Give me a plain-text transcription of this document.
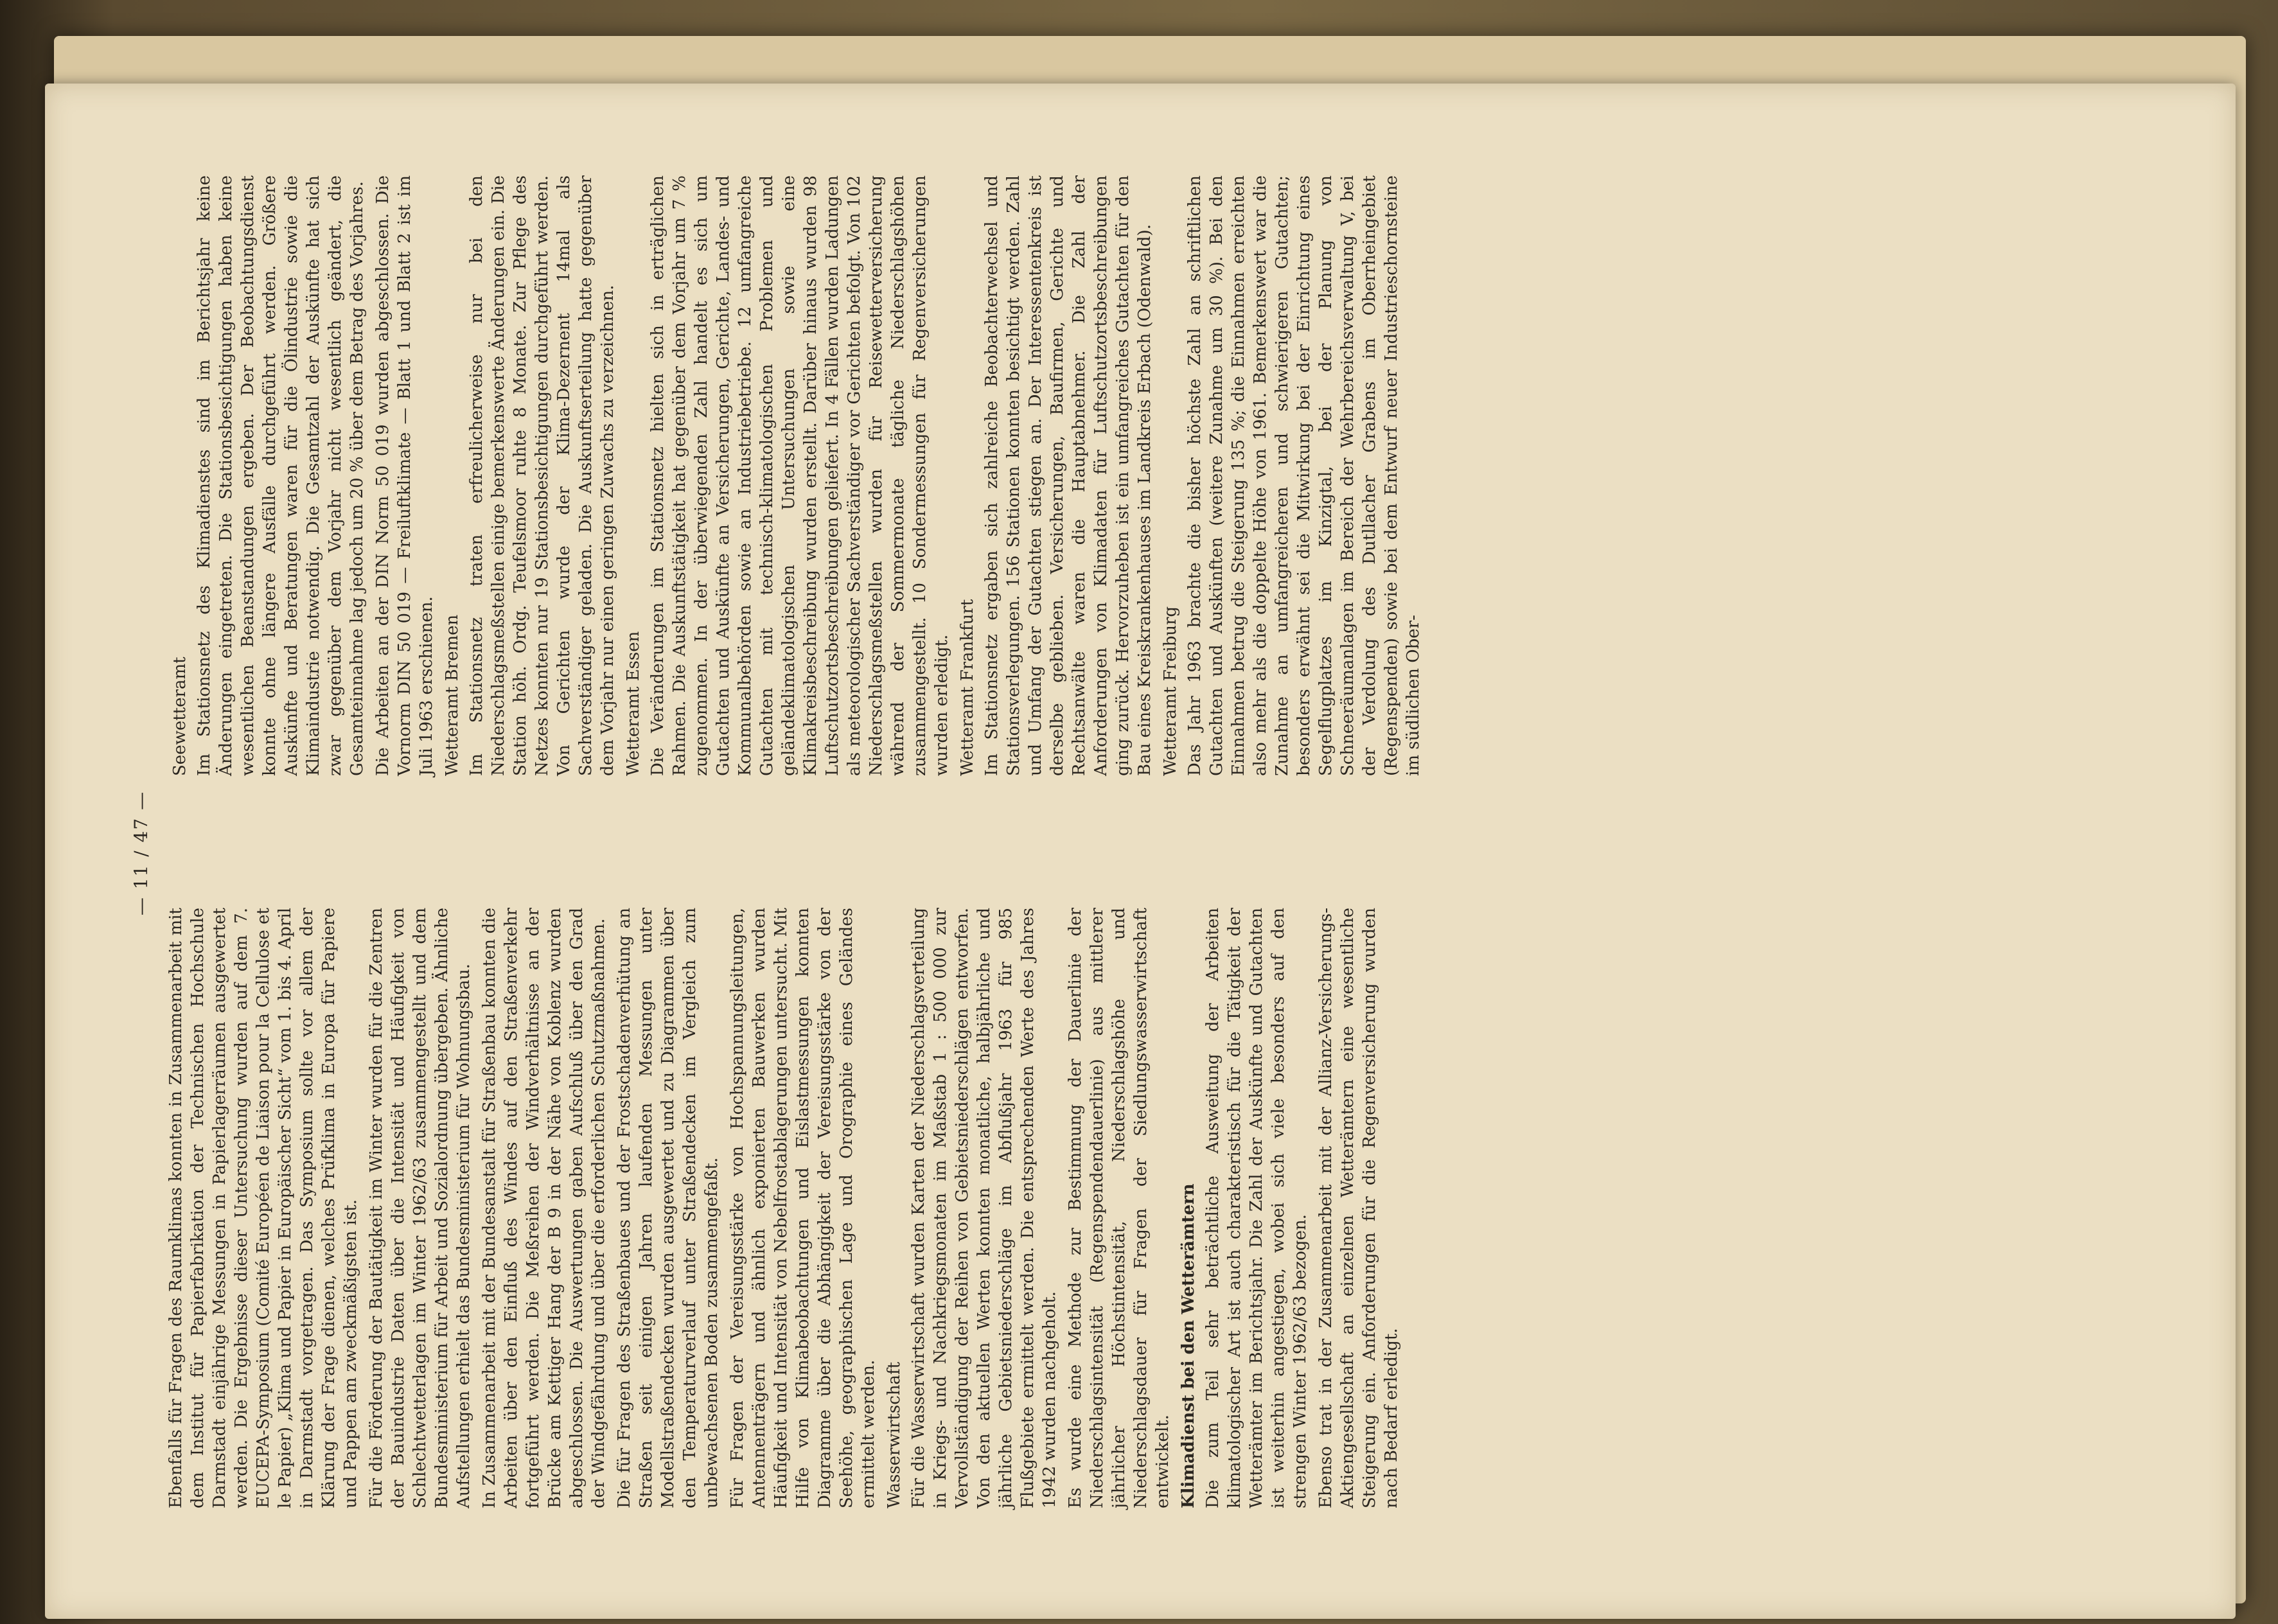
— 11 / 47 —

Ebenfalls für Fragen des Raumklimas konnten in Zusammenarbeit mit dem Institut für Papierfabrikation der Technischen Hochschule Darmstadt einjährige Messungen in Papierlagerräumen ausgewertet werden. Die Ergebnisse dieser Untersuchung wurden auf dem 7. EUCEPA-Symposium (Comité Européen de Liaison pour la Cellulose et le Papier) „Klima und Papier in Europäischer Sicht“ vom 1. bis 4. April in Darmstadt vorgetragen. Das Symposium sollte vor allem der Klärung der Frage dienen, welches Prüfklima in Europa für Papiere und Pappen am zweckmäßigsten ist. Für die Förderung der Bautätigkeit im Winter wurden für die Zentren der Bauindustrie Daten über die Intensität und Häufigkeit von Schlechtwetterlagen im Winter 1962/63 zusammengestellt und dem Bundesministerium für Arbeit und Sozialordnung übergeben. Ähnliche Aufstellungen erhielt das Bundesministerium für Wohnungsbau. In Zusammenarbeit mit der Bundesanstalt für Straßenbau konnten die Arbeiten über den Einfluß des Windes auf den Straßenverkehr fortgeführt werden. Die Meßreihen der Windverhältnisse an der Brücke am Kettiger Hang der B 9 in der Nähe von Koblenz wurden abgeschlossen. Die Auswertungen gaben Aufschluß über den Grad der Windgefährdung und über die erforderlichen Schutzmaßnahmen. Die für Fragen des Straßenbaues und der Frostschadenverhütung an Straßen seit einigen Jahren laufenden Messungen unter Modellstraßendecken wurden ausgewertet und zu Diagrammen über den Temperaturverlauf unter Straßendecken im Vergleich zum unbewachsenen Boden zusammengefaßt. Für Fragen der Vereisungsstärke von Hochspannungsleitungen, Antennenträgern und ähnlich exponierten Bauwerken wurden Häufigkeit und Intensität von Nebelfrostablagerungen untersucht. Mit Hilfe von Klimabeobachtungen und Eislastmessungen konnten Diagramme über die Abhängigkeit der Vereisungsstärke von der Seehöhe, geographischen Lage und Orographie eines Geländes ermittelt werden. Wasserwirtschaft Für die Wasserwirtschaft wurden Karten der Niederschlagsverteilung in Kriegs- und Nachkriegsmonaten im Maßstab 1 : 500 000 zur Vervollständigung der Reihen von Gebietsniederschlägen entworfen. Von den aktuellen Werten konnten monatliche, halbjährliche und jährliche Gebietsniederschläge im Abflußjahr 1963 für 985 Flußgebiete ermittelt werden. Die entsprechenden Werte des Jahres 1942 wurden nachgeholt. Es wurde eine Methode zur Bestimmung der Dauerlinie der Niederschlagsintensität (Regenspendendauerlinie) aus mittlerer jährlicher Höchstintensität, Niederschlagshöhe und Niederschlagsdauer für Fragen der Siedlungswasserwirtschaft entwickelt. Klimadienst bei den Wetterämtern Die zum Teil sehr beträchtliche Ausweitung der Arbeiten klimatologischer Art ist auch charakteristisch für die Tätigkeit der Wetterämter im Berichtsjahr. Die Zahl der Auskünfte und Gutachten ist weiterhin angestiegen, wobei sich viele besonders auf den strengen Winter 1962/63 bezogen. Ebenso trat in der Zusammenarbeit mit der Allianz-Versicherungs-Aktiengesellschaft an einzelnen Wetterämtern eine wesentliche Steigerung ein. Anforderungen für die Regenversicherung wurden nach Bedarf erledigt.

Seewetteramt Im Stationsnetz des Klimadienstes sind im Berichtsjahr keine Änderungen eingetreten. Die Stationsbesichtigungen haben keine wesentlichen Beanstandungen ergeben. Der Beobachtungsdienst konnte ohne längere Ausfälle durchgeführt werden. Größere Auskünfte und Beratungen waren für die Ölindustrie sowie die Klimaindustrie notwendig. Die Gesamtzahl der Auskünfte hat sich zwar gegenüber dem Vorjahr nicht wesentlich geändert, die Gesamteinnahme lag jedoch um 20 % über dem Betrag des Vorjahres. Die Arbeiten an der DIN Norm 50 019 wurden abgeschlossen. Die Vornorm DIN 50 019 — Freiluftklimate — Blatt 1 und Blatt 2 ist im Juli 1963 erschienen. Wetteramt Bremen Im Stationsnetz traten erfreulicherweise nur bei den Niederschlagsmeßstellen einige bemerkenswerte Änderungen ein. Die Station höh. Ordg. Teufelsmoor ruhte 8 Monate. Zur Pflege des Netzes konnten nur 19 Stationsbesichtigungen durchgeführt werden. Von Gerichten wurde der Klima-Dezernent 14mal als Sachverständiger geladen. Die Auskunftserteilung hatte gegenüber dem Vorjahr nur einen geringen Zuwachs zu verzeichnen. Wetteramt Essen Die Veränderungen im Stationsnetz hielten sich in erträglichen Rahmen. Die Auskunftstätigkeit hat gegenüber dem Vorjahr um 7 % zugenommen. In der überwiegenden Zahl handelt es sich um Gutachten und Auskünfte an Versicherungen, Gerichte, Landes- und Kommunalbehörden sowie an Industriebetriebe. 12 umfangreiche Gutachten mit technisch-klimatologischen Problemen und geländeklimatologischen Untersuchungen sowie eine Klimakreisbeschreibung wurden erstellt. Darüber hinaus wurden 98 Luftschutzortsbeschreibungen geliefert. In 4 Fällen wurden Ladungen als meteorologischer Sachverständiger vor Gerichten befolgt. Von 102 Niederschlagsmeßstellen wurden für Reisewetterversicherung während der Sommermonate tägliche Niederschlagshöhen zusammengestellt. 10 Sondermessungen für Regenversicherungen wurden erledigt. Wetteramt Frankfurt Im Stationsnetz ergaben sich zahlreiche Beobachterwechsel und Stationsverlegungen. 156 Stationen konnten besichtigt werden. Zahl und Umfang der Gutachten stiegen an. Der Interessentenkreis ist derselbe geblieben. Versicherungen, Baufirmen, Gerichte und Rechtsanwälte waren die Hauptabnehmer. Die Zahl der Anforderungen von Klimadaten für Luftschutzortsbeschreibungen ging zurück. Hervorzuheben ist ein umfangreiches Gutachten für den Bau eines Kreiskrankenhauses im Landkreis Erbach (Odenwald). Wetteramt Freiburg Das Jahr 1963 brachte die bisher höchste Zahl an schriftlichen Gutachten und Auskünften (weitere Zunahme um 30 %). Bei den Einnahmen betrug die Steigerung 135 %; die Einnahmen erreichten also mehr als die doppelte Höhe von 1961. Bemerkenswert war die Zunahme an umfangreicheren und schwierigeren Gutachten; besonders erwähnt sei die Mitwirkung bei der Einrichtung eines Segelflugplatzes im Kinzigtal, bei der Planung von Schneeräumanlagen im Bereich der Wehrbereichsverwaltung V, bei der Verdolung des Dutllacher Grabens im Oberrheingebiet (Regenspenden) sowie bei dem Entwurf neuer Industrieschornsteine im südlichen Ober-
